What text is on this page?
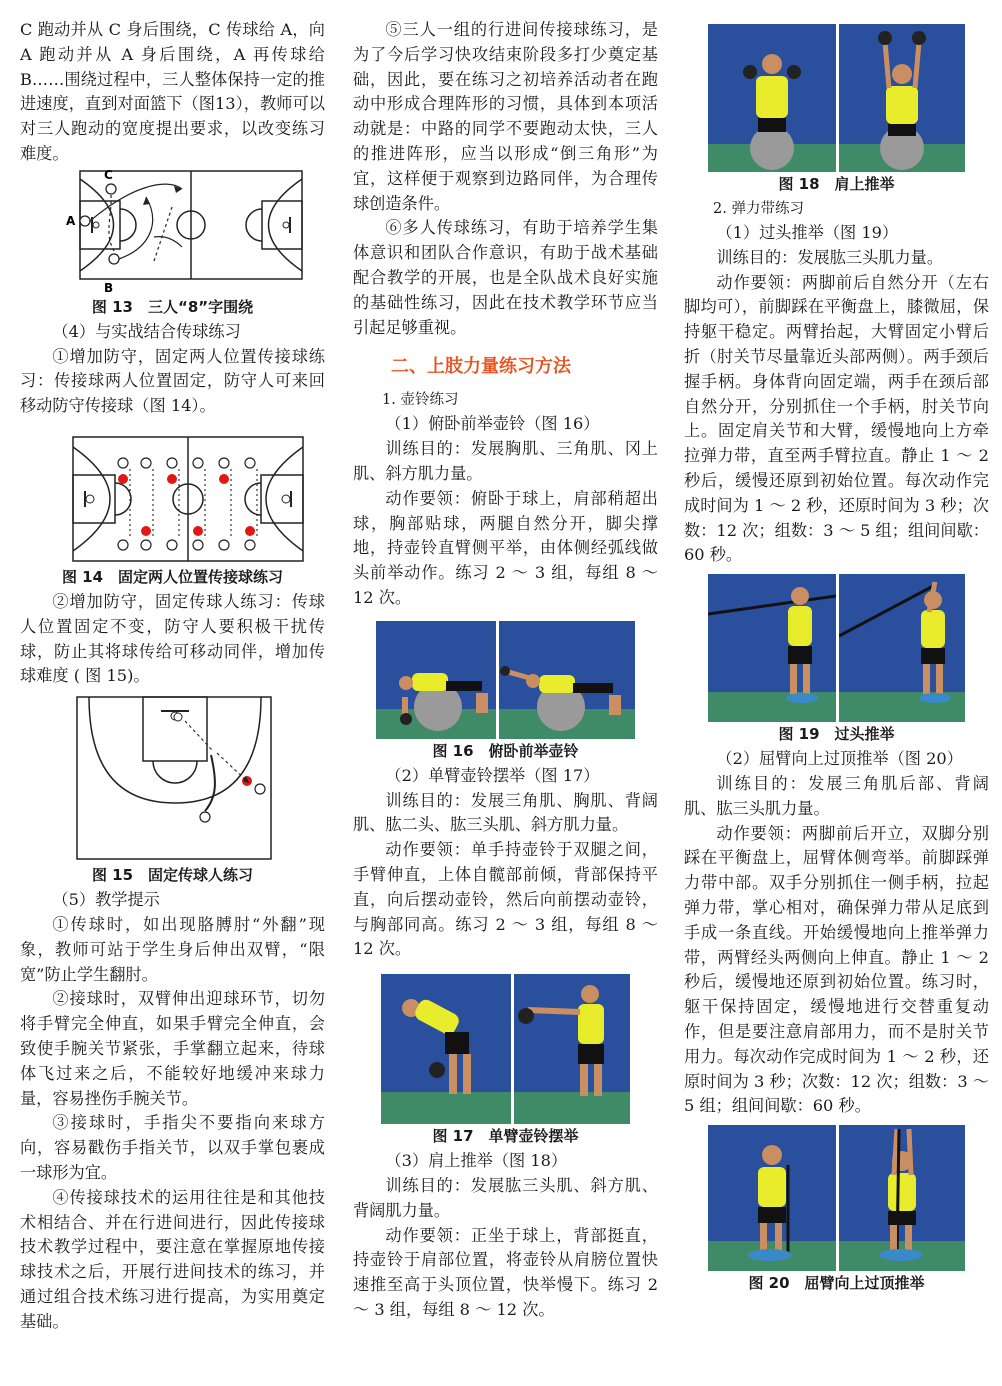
C 跑动并从 C 身后围绕，C 传球给 A，向 A 跑动并从 A 身后围绕，A 再传球给 B……围绕过程中，三人整体保持一定的推进速度，直到对面篮下（图13），教师可以对三人跑动的宽度提出要求，以改变练习难度。

C
A
B
图 13　三人“8”字围绕

（4）与实战结合传球练习

①增加防守，固定两人位置传接球练习：传接球两人位置固定，防守人可来回移动防守传接球（图 14）。

图 14　固定两人位置传接球练习

②增加防守，固定传球人练习：传球人位置固定不变，防守人要积极干扰传球，防止其将球传给可移动同伴，增加传球难度 ( 图 15)。

图 15　固定传球人练习

（5）教学提示

①传球时，如出现胳膊肘“外翻”现象，教师可站于学生身后伸出双臂，“限宽”防止学生翻肘。

②接球时，双臂伸出迎球环节，切勿将手臂完全伸直，如果手臂完全伸直，会致使手腕关节紧张，手掌翻立起来，待球体飞过来之后，不能较好地缓冲来球力量，容易挫伤手腕关节。

③接球时，手指尖不要指向来球方向，容易戳伤手指关节，以双手掌包裹成一球形为宜。

④传接球技术的运用往往是和其他技术相结合、并在行进间进行，因此传接球技术教学过程中，要注意在掌握原地传接球技术之后，开展行进间技术的练习，并通过组合技术练习进行提高，为实用奠定基础。

⑤三人一组的行进间传接球练习，是为了今后学习快攻结束阶段多打少奠定基础，因此，要在练习之初培养活动者在跑动中形成合理阵形的习惯，具体到本项活动就是：中路的同学不要跑动太快，三人的推进阵形，应当以形成“倒三角形”为宜，这样便于观察到边路同伴，为合理传球创造条件。

⑥多人传球练习，有助于培养学生集体意识和团队合作意识，有助于战术基础配合教学的开展，也是全队战术良好实施的基础性练习，因此在技术教学环节应当引起足够重视。

二、上肢力量练习方法

1. 壶铃练习

（1）俯卧前举壶铃（图 16）

训练目的：发展胸肌、三角肌、冈上肌、斜方肌力量。

动作要领：俯卧于球上，肩部稍超出球，胸部贴球，两腿自然分开，脚尖撑地，持壶铃直臂侧平举，由体侧经弧线做头前举动作。练习 2 ～ 3 组，每组 8 ～ 12 次。

图 16　俯卧前举壶铃

（2）单臂壶铃摆举（图 17）

训练目的：发展三角肌、胸肌、背阔肌、肱二头、肱三头肌、斜方肌力量。

动作要领：单手持壶铃于双腿之间，手臂伸直，上体自髋部前倾，背部保持平直，向后摆动壶铃，然后向前摆动壶铃，与胸部同高。练习 2 ～ 3 组，每组 8 ～ 12 次。

图 17　单臂壶铃摆举

（3）肩上推举（图 18）

训练目的：发展肱三头肌、斜方肌、背阔肌力量。

动作要领：正坐于球上，背部挺直，持壶铃于肩部位置，将壶铃从肩膀位置快速推至高于头顶位置，快举慢下。练习 2 ～ 3 组，每组 8 ～ 12 次。

图 18　肩上推举

2. 弹力带练习

（1）过头推举（图 19）

训练目的：发展肱三头肌力量。

动作要领：两脚前后自然分开（左右脚均可），前脚踩在平衡盘上，膝微屈，保持躯干稳定。两臂抬起，大臂固定小臂后折（肘关节尽量靠近头部两侧）。两手颈后握手柄。身体背向固定端，两手在颈后部自然分开，分别抓住一个手柄，肘关节向上。固定肩关节和大臂，缓慢地向上方牵拉弹力带，直至两手臂拉直。静止 1 ～ 2 秒后，缓慢还原到初始位置。每次动作完成时间为 1 ～ 2 秒，还原时间为 3 秒；次数：12 次；组数：3 ～ 5 组；组间间歇：60 秒。

图 19　过头推举

（2）屈臂向上过顶推举（图 20）

训练目的：发展三角肌后部、背阔肌、肱三头肌力量。

动作要领：两脚前后开立，双脚分别踩在平衡盘上，屈臂体侧弯举。前脚踩弹力带中部。双手分别抓住一侧手柄，拉起弹力带，掌心相对，确保弹力带从足底到手成一条直线。开始缓慢地向上推举弹力带，两臂经头两侧向上伸直。静止 1 ～ 2 秒后，缓慢地还原到初始位置。练习时，躯干保持固定，缓慢地进行交替重复动作，但是要注意肩部用力，而不是肘关节用力。每次动作完成时间为 1 ～ 2 秒，还原时间为 3 秒；次数：12 次；组数：3 ～ 5 组；组间间歇：60 秒。

图 20　屈臂向上过顶推举
